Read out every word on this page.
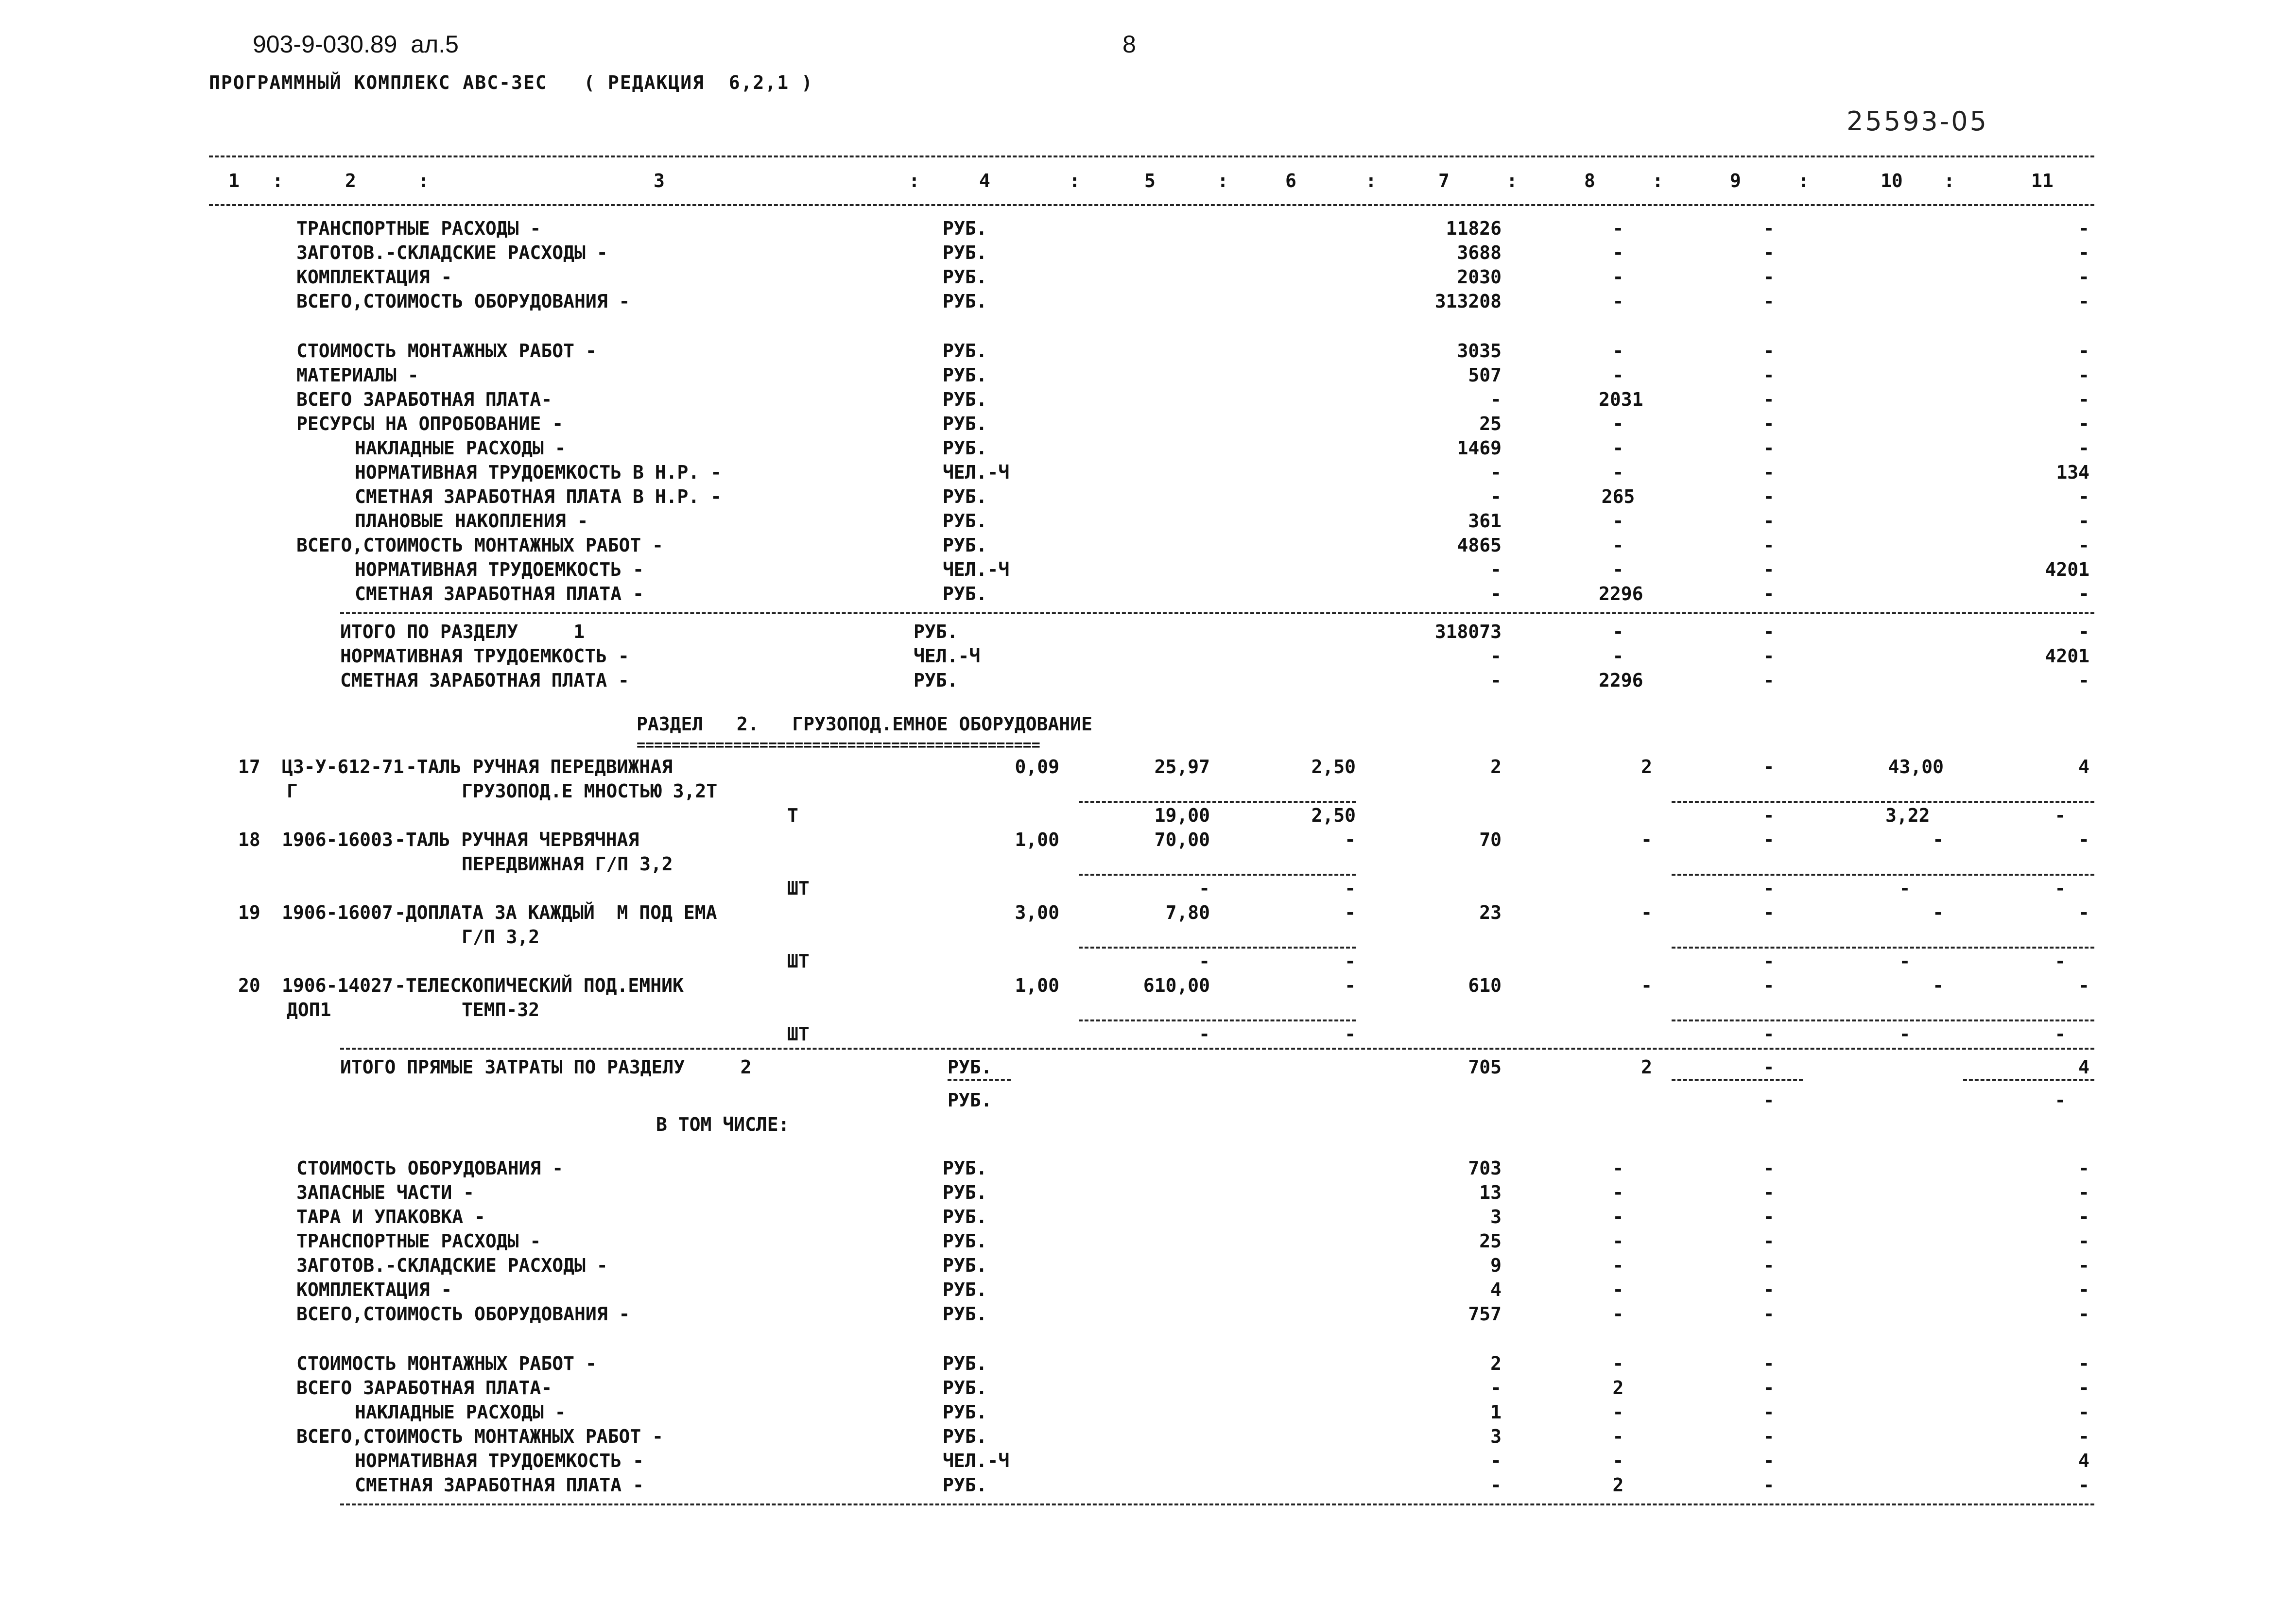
903-9-030.89  ал.5	8
ПРОГРАММНЫЙ КОМПЛЕКС АВС-3ЕС   ( РЕДАКЦИЯ  6,2,1 )
25593-05
1 :	2	:	3	:	4	:	5	:	6	:	7	:	8	:	9	:	10 :	11
ТРАНСПОРТНЫЕ РАСХОДЫ -	РУБ.	11826	-	-	-
ЗАГОТОВ.-СКЛАДСКИЕ РАСХОДЫ -	РУБ.	3688	-	-	-
КОМПЛЕКТАЦИЯ -	РУБ.	2030	-	-	-
ВСЕГО,СТОИМОСТЬ ОБОРУДОВАНИЯ -	РУБ.	313208	-	-	-
СТОИМОСТЬ МОНТАЖНЫХ РАБОТ -	РУБ.	3035	-	-	-
МАТЕРИАЛЫ -	РУБ.	507	-	-	-
ВСЕГО ЗАРАБОТНАЯ ПЛАТА-	РУБ.	-	2031	-	-
РЕСУРСЫ НА ОПРОБОВАНИЕ -	РУБ.	25	-	-	-
НАКЛАДНЫЕ РАСХОДЫ -	РУБ.	1469	-	-	-
НОРМАТИВНАЯ ТРУДОЕМКОСТЬ В Н.Р. -	ЧЕЛ.-Ч	-	-	-	134
СМЕТНАЯ ЗАРАБОТНАЯ ПЛАТА В Н.Р. -	РУБ.	-	265	-	-
ПЛАНОВЫЕ НАКОПЛЕНИЯ -	РУБ.	361	-	-	-
ВСЕГО,СТОИМОСТЬ МОНТАЖНЫХ РАБОТ -	РУБ.	4865	-	-	-
НОРМАТИВНАЯ ТРУДОЕМКОСТЬ -	ЧЕЛ.-Ч	-	-	-	4201
СМЕТНАЯ ЗАРАБОТНАЯ ПЛАТА -	РУБ.	-	2296	-	-
ИТОГО ПО РАЗДЕЛУ     1	РУБ.	318073	-	-	-
НОРМАТИВНАЯ ТРУДОЕМКОСТЬ -	ЧЕЛ.-Ч	-	-	-	4201
СМЕТНАЯ ЗАРАБОТНАЯ ПЛАТА -	РУБ.	-	2296	-	-
РАЗДЕЛ   2.   ГРУЗОПОД.ЕМНОЕ ОБОРУДОВАНИЕ
==============================================
17 ЦЗ-У-612-71 -ТАЛЬ РУЧНАЯ ПЕРЕДВИЖНАЯ	0,09	25,97	2,50	2	2	-	43,00	4
Г	ГРУЗОПОД.Е МНОСТЬЮ 3,2Т
Т	19,00	2,50	-	3,22	-
18 1906-16003 -ТАЛЬ РУЧНАЯ ЧЕРВЯЧНАЯ	1,00	70,00	-	70	-	-	-	-
ПЕРЕДВИЖНАЯ Г/П 3,2
ШТ	-	-	-	-	-
19 1906-16007 -ДОПЛАТА ЗА КАЖДЫЙ  М ПОД ЕМА	3,00	7,80	-	23	-	-	-	-
Г/П 3,2
ШТ	-	-	-	-	-
20 1906-14027 -ТЕЛЕСКОПИЧЕСКИЙ ПОД.ЕМНИК	1,00	610,00	-	610	-	-	-	-
ДОП1	ТЕМП-32
ШТ	-	-	-	-	-
ИТОГО ПРЯМЫЕ ЗАТРАТЫ ПО РАЗДЕЛУ     2	РУБ.	705	2	-	4
РУБ.	-	-
В ТОМ ЧИСЛЕ:
СТОИМОСТЬ ОБОРУДОВАНИЯ -	РУБ.	703	-	-	-
ЗАПАСНЫЕ ЧАСТИ -	РУБ.	13	-	-	-
ТАРА И УПАКОВКА -	РУБ.	3	-	-	-
ТРАНСПОРТНЫЕ РАСХОДЫ -	РУБ.	25	-	-	-
ЗАГОТОВ.-СКЛАДСКИЕ РАСХОДЫ -	РУБ.	9	-	-	-
КОМПЛЕКТАЦИЯ -	РУБ.	4	-	-	-
ВСЕГО,СТОИМОСТЬ ОБОРУДОВАНИЯ -	РУБ.	757	-	-	-
СТОИМОСТЬ МОНТАЖНЫХ РАБОТ -	РУБ.	2	-	-	-
ВСЕГО ЗАРАБОТНАЯ ПЛАТА-	РУБ.	-	2	-	-
НАКЛАДНЫЕ РАСХОДЫ -	РУБ.	1	-	-	-
ВСЕГО,СТОИМОСТЬ МОНТАЖНЫХ РАБОТ -	РУБ.	3	-	-	-
НОРМАТИВНАЯ ТРУДОЕМКОСТЬ -	ЧЕЛ.-Ч	-	-	-	4
СМЕТНАЯ ЗАРАБОТНАЯ ПЛАТА -	РУБ.	-	2	-	-
